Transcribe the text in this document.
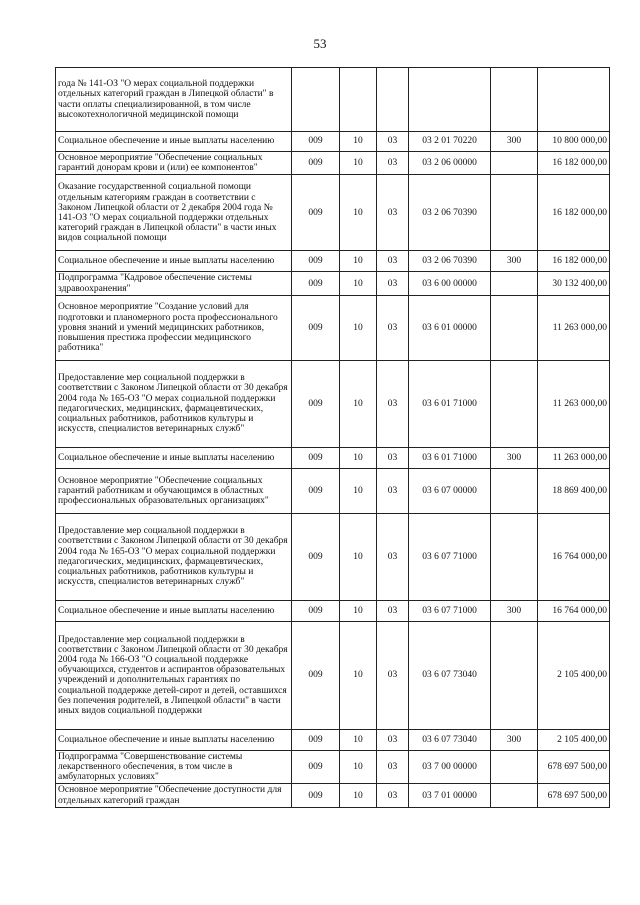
53
года № 141-ОЗ "О мерах социальной поддержки отдельных категорий граждан в Липецкой области" в части оплаты специализированной, в том числе высокотехнологичной медицинской помощи						
Социальное обеспечение и иные выплаты населению	009	10	03	03 2 01 70220	300	10 800 000,00
Основное мероприятие "Обеспечение социальных гарантий донорам крови и (или) ее компонентов"	009	10	03	03 2 06 00000		16 182 000,00
Оказание государственной социальной помощи отдельным категориям граждан в соответствии с Законом Липецкой области от 2 декабря 2004 года № 141-ОЗ "О мерах социальной поддержки отдельных категорий граждан в Липецкой области" в части иных видов социальной помощи	009	10	03	03 2 06 70390		16 182 000,00
Социальное обеспечение и иные выплаты населению	009	10	03	03 2 06 70390	300	16 182 000,00
Подпрограмма "Кадровое обеспечение системы здравоохранения"	009	10	03	03 6 00 00000		30 132 400,00
Основное мероприятие "Создание условий для подготовки и планомерного роста профессионального уровня знаний и умений медицинских работников, повышения престижа профессии медицинского работника"	009	10	03	03 6 01 00000		11 263 000,00
Предоставление мер социальной поддержки в соответствии с Законом Липецкой области от 30 декабря 2004 года № 165-ОЗ "О мерах социальной поддержки педагогических, медицинских, фармацевтических, социальных работников, работников культуры и искусств, специалистов ветеринарных служб"	009	10	03	03 6 01 71000		11 263 000,00
Социальное обеспечение и иные выплаты населению	009	10	03	03 6 01 71000	300	11 263 000,00
Основное мероприятие "Обеспечение социальных гарантий работникам и обучающимся в областных профессиональных образовательных организациях"	009	10	03	03 6 07 00000		18 869 400,00
Предоставление мер социальной поддержки в соответствии с Законом Липецкой области от 30 декабря 2004 года № 165-ОЗ "О мерах социальной поддержки педагогических, медицинских, фармацевтических, социальных работников, работников культуры и искусств, специалистов ветеринарных служб"	009	10	03	03 6 07 71000		16 764 000,00
Социальное обеспечение и иные выплаты населению	009	10	03	03 6 07 71000	300	16 764 000,00
Предоставление мер социальной поддержки в соответствии с Законом Липецкой области от 30 декабря 2004 года № 166-ОЗ "О социальной поддержке обучающихся, студентов и аспирантов образовательных учреждений и дополнительных гарантиях по социальной поддержке детей-сирот и детей, оставшихся без попечения родителей, в Липецкой области" в части иных видов социальной поддержки	009	10	03	03 6 07 73040		2 105 400,00
Социальное обеспечение и иные выплаты населению	009	10	03	03 6 07 73040	300	2 105 400,00
Подпрограмма "Совершенствование системы лекарственного обеспечения, в том числе в амбулаторных условиях"	009	10	03	03 7 00 00000		678 697 500,00
Основное мероприятие "Обеспечение доступности для отдельных категорий граждан	009	10	03	03 7 01 00000		678 697 500,00
